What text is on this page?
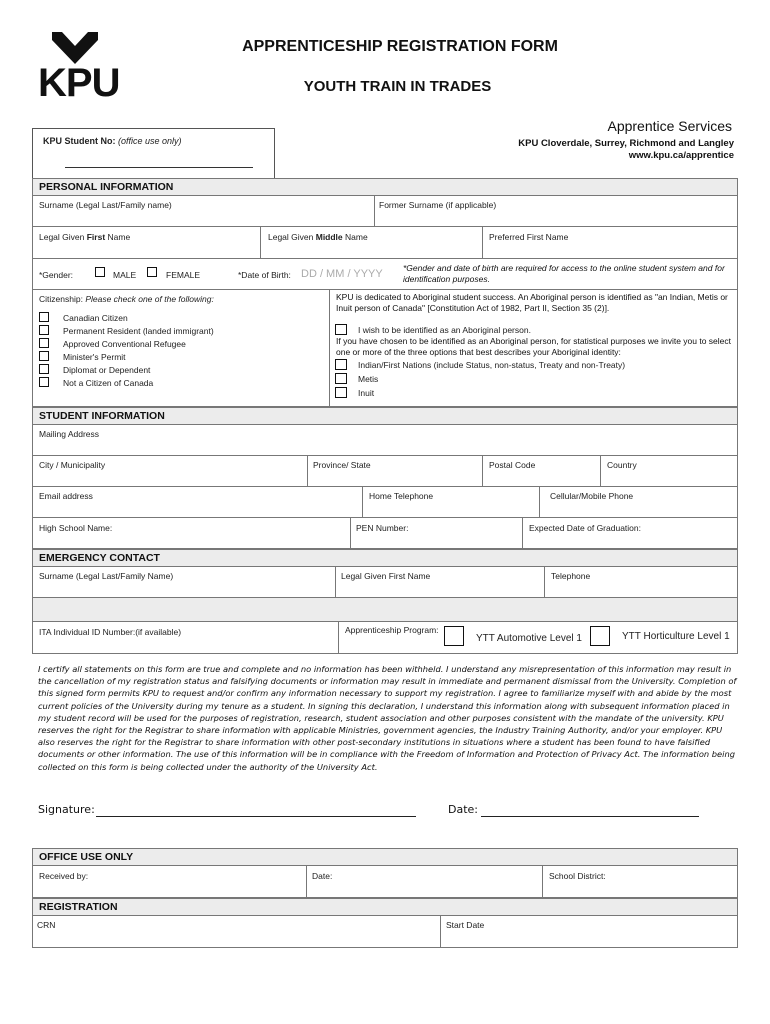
KPU
APPRENTICESHIP REGISTRATION FORM
YOUTH TRAIN IN TRADES
KPU Student No: (office use only)
Apprentice Services
KPU Cloverdale, Surrey, Richmond and Langley
www.kpu.ca/apprentice
PERSONAL INFORMATION
Surname (Legal Last/Family name)	Former Surname (if applicable)
Legal Given First Name	Legal Given Middle Name	Preferred First Name
*Gender:	MALE	FEMALE	*Date of Birth: DD / MM / YYYY *Gender and date of birth are required for access to the online student system and for identification purposes.
Citizenship: Please check one of the following:
Canadian Citizen
Permanent Resident (landed immigrant)
Approved Conventional Refugee
Minister's Permit
Diplomat or Dependent
Not a Citizen of Canada
KPU is dedicated to Aboriginal student success. An Aboriginal person is identified as "an Indian, Metis or Inuit person of Canada" [Constitution Act of 1982, Part II, Section 35 (2)].
I wish to be identified as an Aboriginal person.
If you have chosen to be identified as an Aboriginal person, for statistical purposes we invite you to select one or more of the three options that best describes your Aboriginal identity:
Indian/First Nations (include Status, non-status, Treaty and non-Treaty)
Metis
Inuit
STUDENT INFORMATION
Mailing Address
City / Municipality	Province/ State	Postal Code	Country
Email address	Home Telephone	Cellular/Mobile Phone
High School Name:	PEN Number:	Expected Date of Graduation:
EMERGENCY CONTACT
Surname (Legal Last/Family Name)	Legal Given First Name	Telephone
ITA Individual ID Number:(if available)	Apprenticeship Program:
YTT Automotive Level 1	YTT Horticulture Level 1
I certify all statements on this form are true and complete and no information has been withheld. I understand any misrepresentation of this information may result in the cancellation of my registration status and falsifying documents or information may result in immediate and permanent dismissal from the University. Completion of this signed form permits KPU to request and/or confirm any information necessary to support my registration. I agree to familiarize myself with and abide by the most current policies of the University during my tenure as a student. In signing this declaration, I understand this information along with subsequent information placed in my student record will be used for the purposes of registration, research, student association and other purposes consistent with the mandate of the university. KPU reserves the right for the Registrar to share information with applicable Ministries, government agencies, the Industry Training Authority, and/or your employer. KPU also reserves the right for the Registrar to share information with other post-secondary institutions in situations where a student has been found to have falsified documents or other information. The use of this information will be in compliance with the Freedom of Information and Protection of Privacy Act. The information being collected on this form is being collected under the authority of the University Act.
Signature:	Date:
OFFICE USE ONLY
Received by:	Date:	School District:
REGISTRATION
CRN	Start Date
